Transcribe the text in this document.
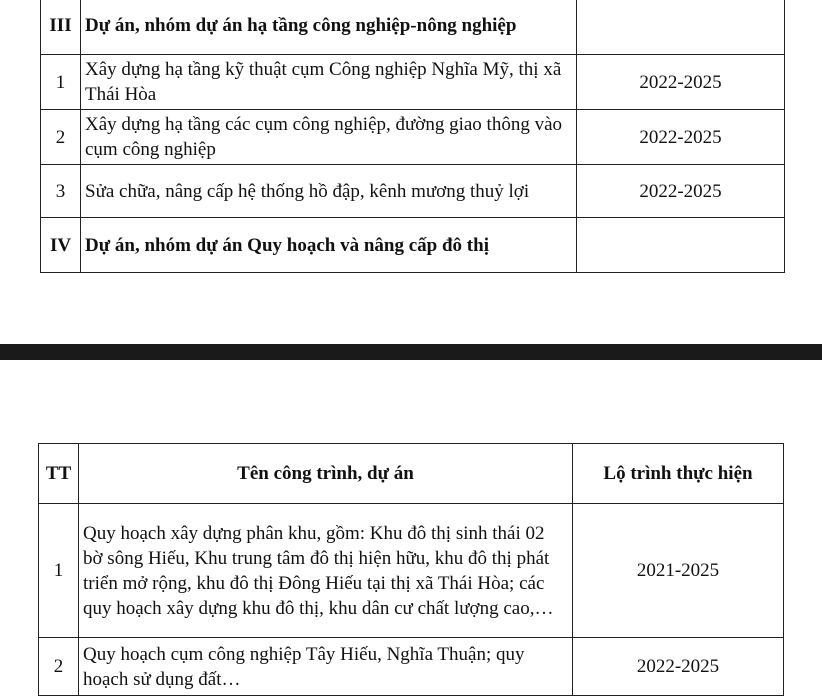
III	Dự án, nhóm dự án hạ tầng công nghiệp-nông nghiệp	
1	Xây dựng hạ tầng kỹ thuật cụm Công nghiệp Nghĩa Mỹ, thị xã Thái Hòa	2022-2025
2	Xây dựng hạ tầng các cụm công nghiệp, đường giao thông vào cụm công nghiệp	2022-2025
3	Sửa chữa, nâng cấp hệ thống hồ đập, kênh mương thuỷ lợi	2022-2025
IV	Dự án, nhóm dự án Quy hoạch và nâng cấp đô thị	
TT	Tên công trình, dự án	Lộ trình thực hiện
1	Quy hoạch xây dựng phân khu, gồm: Khu đô thị sinh thái 02 bờ sông Hiếu, Khu trung tâm đô thị hiện hữu, khu đô thị phát triển mở rộng, khu đô thị Đông Hiếu tại thị xã Thái Hòa; các quy hoạch xây dựng khu đô thị, khu dân cư chất lượng cao,…	2021-2025
2	Quy hoạch cụm công nghiệp Tây Hiếu, Nghĩa Thuận; quy hoạch sử dụng đất…	2022-2025
